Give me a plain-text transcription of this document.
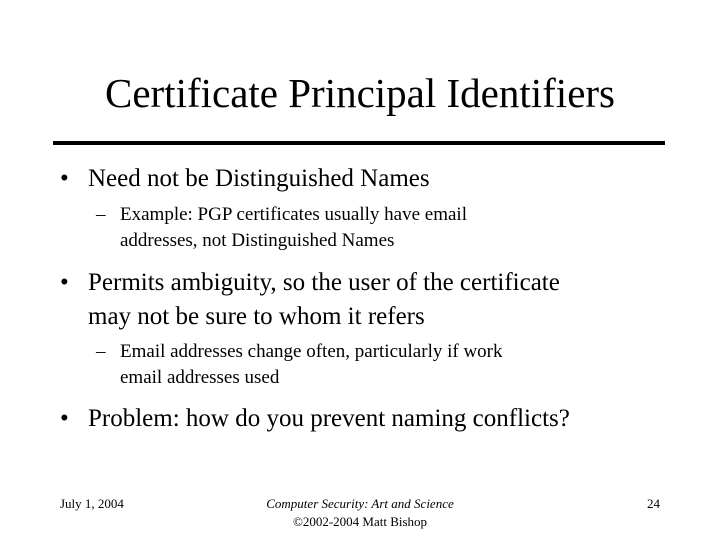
Certificate Principal Identifiers
• Need not be Distinguished Names
– Example: PGP certificates usually have email
addresses, not Distinguished Names
• Permits ambiguity, so the user of the certificate
may not be sure to whom it refers
– Email addresses change often, particularly if work
email addresses used
• Problem: how do you prevent naming conflicts?
July 1, 2004	Computer Security: Art and Science
©2002-2004 Matt Bishop
24
